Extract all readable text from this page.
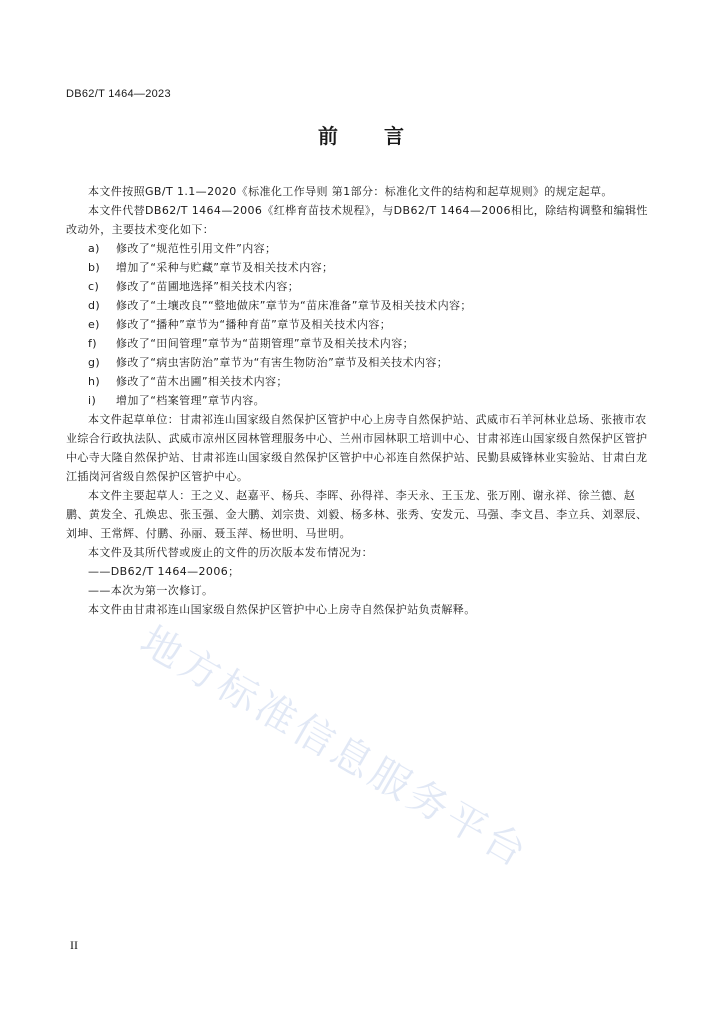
DB62/T 1464—2023
前　　言

本文件按照GB/T 1.1—2020《标准化工作导则 第1部分：标准化文件的结构和起草规则》的规定起草。

本文件代替DB62/T 1464—2006《红桦育苗技术规程》，与DB62/T 1464—2006相比，除结构调整和编辑性改动外，主要技术变化如下：

a) 修改了“规范性引用文件”内容；

b) 增加了“采种与贮藏”章节及相关技术内容；

c) 修改了“苗圃地选择”相关技术内容；

d) 修改了“土壤改良”“整地做床”章节为“苗床准备”章节及相关技术内容；

e) 修改了“播种”章节为“播种育苗”章节及相关技术内容；

f) 修改了“田间管理”章节为“苗期管理”章节及相关技术内容；

g) 修改了“病虫害防治”章节为“有害生物防治”章节及相关技术内容；

h) 修改了“苗木出圃”相关技术内容；

i) 增加了“档案管理”章节内容。

本文件起草单位：甘肃祁连山国家级自然保护区管护中心上房寺自然保护站、武威市石羊河林业总场、张掖市农业综合行政执法队、武威市凉州区园林管理服务中心、兰州市园林职工培训中心、甘肃祁连山国家级自然保护区管护中心寺大隆自然保护站、甘肃祁连山国家级自然保护区管护中心祁连自然保护站、民勤县威锋林业实验站、甘肃白龙江插岗河省级自然保护区管护中心。

本文件主要起草人：王之义、赵嘉平、杨兵、李晖、孙得祥、李天永、王玉龙、张万刚、谢永祥、徐兰德、赵鹏、黄发全、孔焕忠、张玉强、金大鹏、刘宗贵、刘毅、杨多林、张秀、安发元、马强、李文昌、李立兵、刘翠辰、刘坤、王常辉、付鹏、孙丽、聂玉萍、杨世明、马世明。

本文件及其所代替或废止的文件的历次版本发布情况为：

——DB62/T 1464—2006；

——本次为第一次修订。

本文件由甘肃祁连山国家级自然保护区管护中心上房寺自然保护站负责解释。

地方标准信息服务平台
II
